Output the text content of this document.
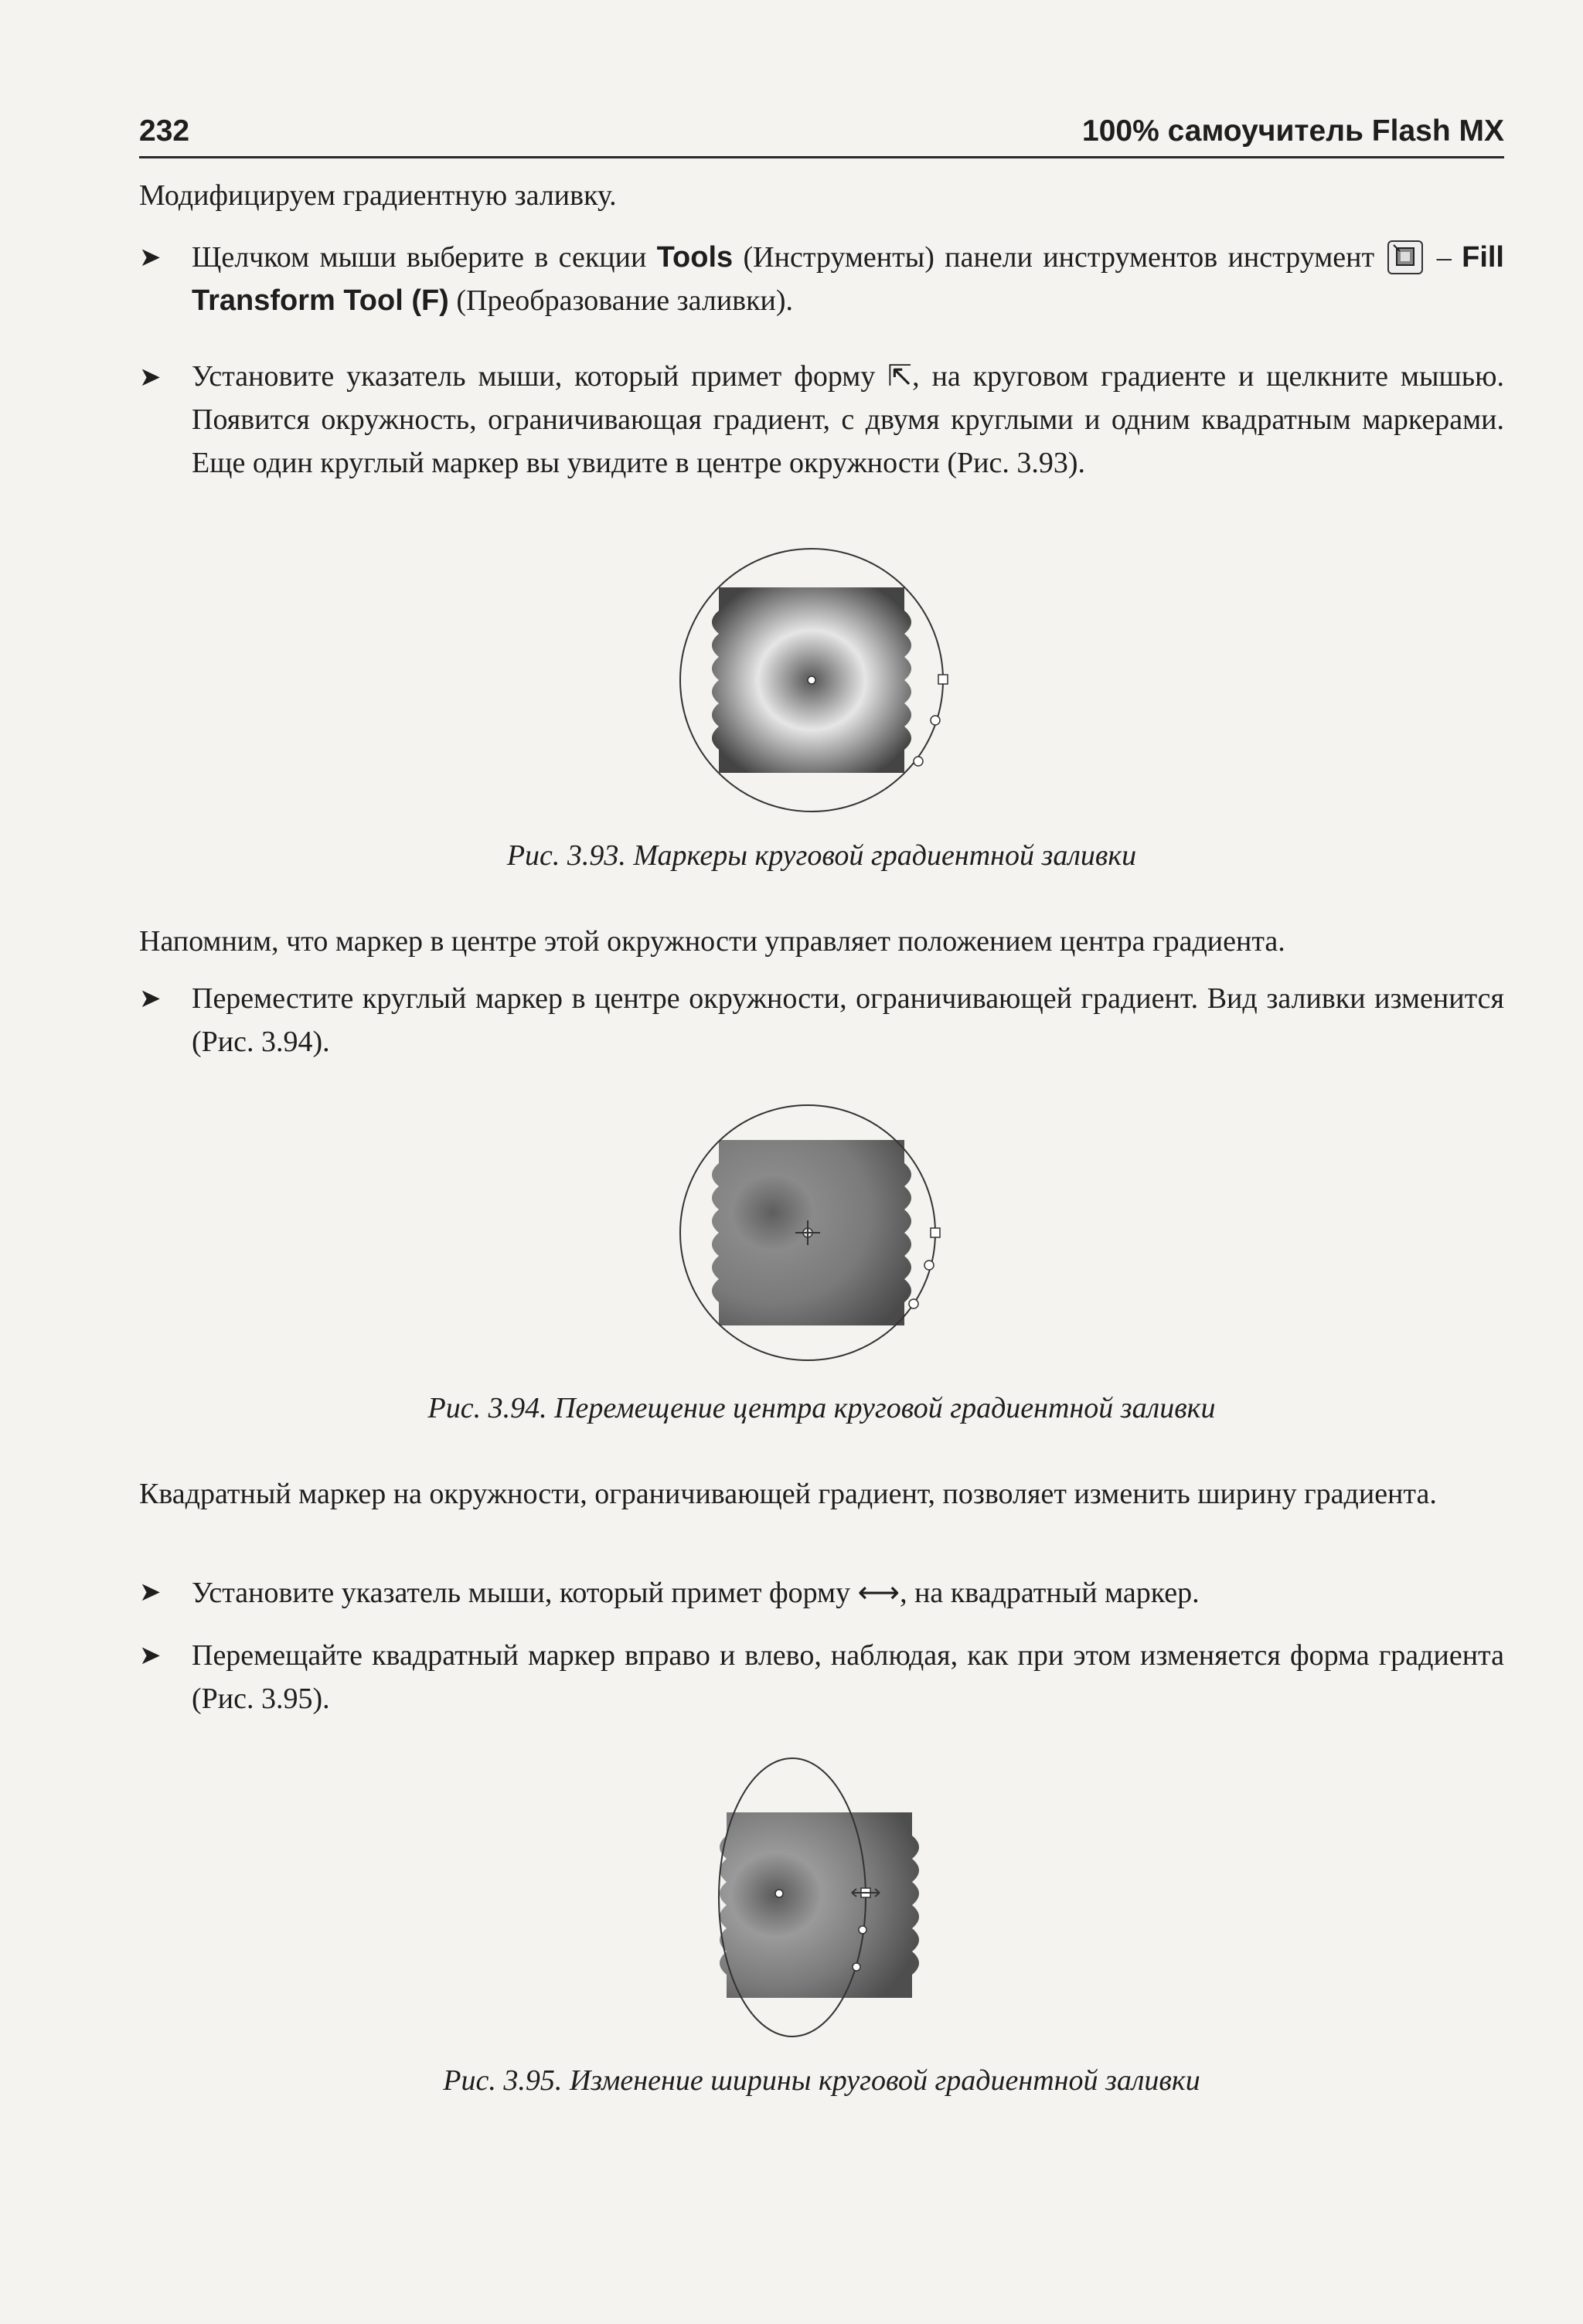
232	100% самоучитель Flash MX

Модифицируем градиентную заливку.

➤ Щелчком мыши выберите в секции Tools (Инструменты) панели инструментов инструмент  – Fill Transform Tool (F) (Преобразование заливки).

➤ Установите указатель мыши, который примет форму ⇱, на круговом градиенте и щелкните мышью. Появится окружность, ограничивающая градиент, с двумя круглыми и одним квадратным маркерами. Еще один круглый маркер вы увидите в центре окружности (Рис. 3.93).

Рис. 3.93. Маркеры круговой градиентной заливки

Напомним, что маркер в центре этой окружности управляет положением центра градиента.

➤ Переместите круглый маркер в центре окружности, ограничивающей градиент. Вид заливки изменится (Рис. 3.94).

Рис. 3.94. Перемещение центра круговой градиентной заливки

Квадратный маркер на окружности, ограничивающей градиент, позволяет изменить ширину градиента.

➤ Установите указатель мыши, который примет форму ⟷, на квадратный маркер.

➤ Перемещайте квадратный маркер вправо и влево, наблюдая, как при этом изменяется форма градиента (Рис. 3.95).

Рис. 3.95. Изменение ширины круговой градиентной заливки
